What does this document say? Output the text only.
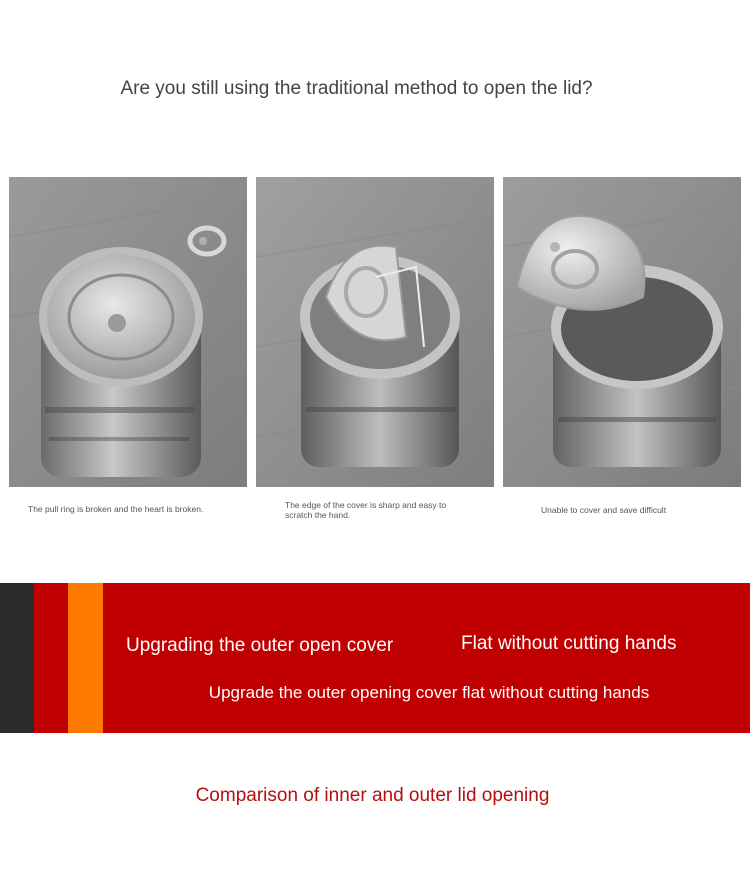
Are you still using the traditional method to open the lid?
The pull ring is broken and the heart is broken.	The edge of the cover is sharp and easy to scratch the hand.	Unable to cover and save difficult
Upgrading the outer open cover	Flat without cutting hands
Upgrade the outer opening cover flat without cutting hands
Comparison of inner and outer lid opening
